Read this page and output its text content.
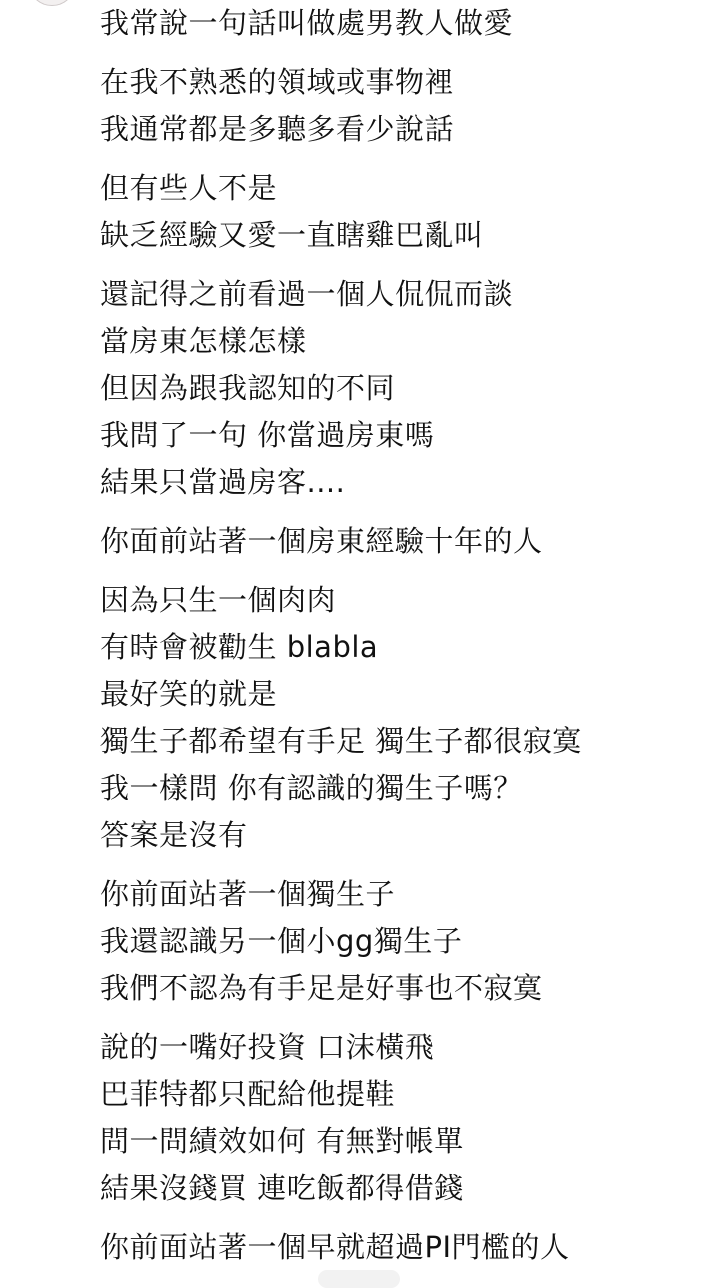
我常說一句話叫做處男教人做愛
在我不熟悉的領域或事物裡
我通常都是多聽多看少說話
但有些人不是
缺乏經驗又愛一直瞎雞巴亂叫
還記得之前看過一個人侃侃而談
當房東怎樣怎樣
但因為跟我認知的不同
我問了一句 你當過房東嗎
結果只當過房客....
你面前站著一個房東經驗十年的人
因為只生一個肉肉
有時會被勸生 blabla
最好笑的就是
獨生子都希望有手足 獨生子都很寂寞
我一樣問 你有認識的獨生子嗎？
答案是沒有
你前面站著一個獨生子
我還認識另一個小gg獨生子
我們不認為有手足是好事也不寂寞
說的一嘴好投資 口沫橫飛
巴菲特都只配給他提鞋
問一問績效如何 有無對帳單
結果沒錢買 連吃飯都得借錢
你前面站著一個早就超過PI門檻的人
